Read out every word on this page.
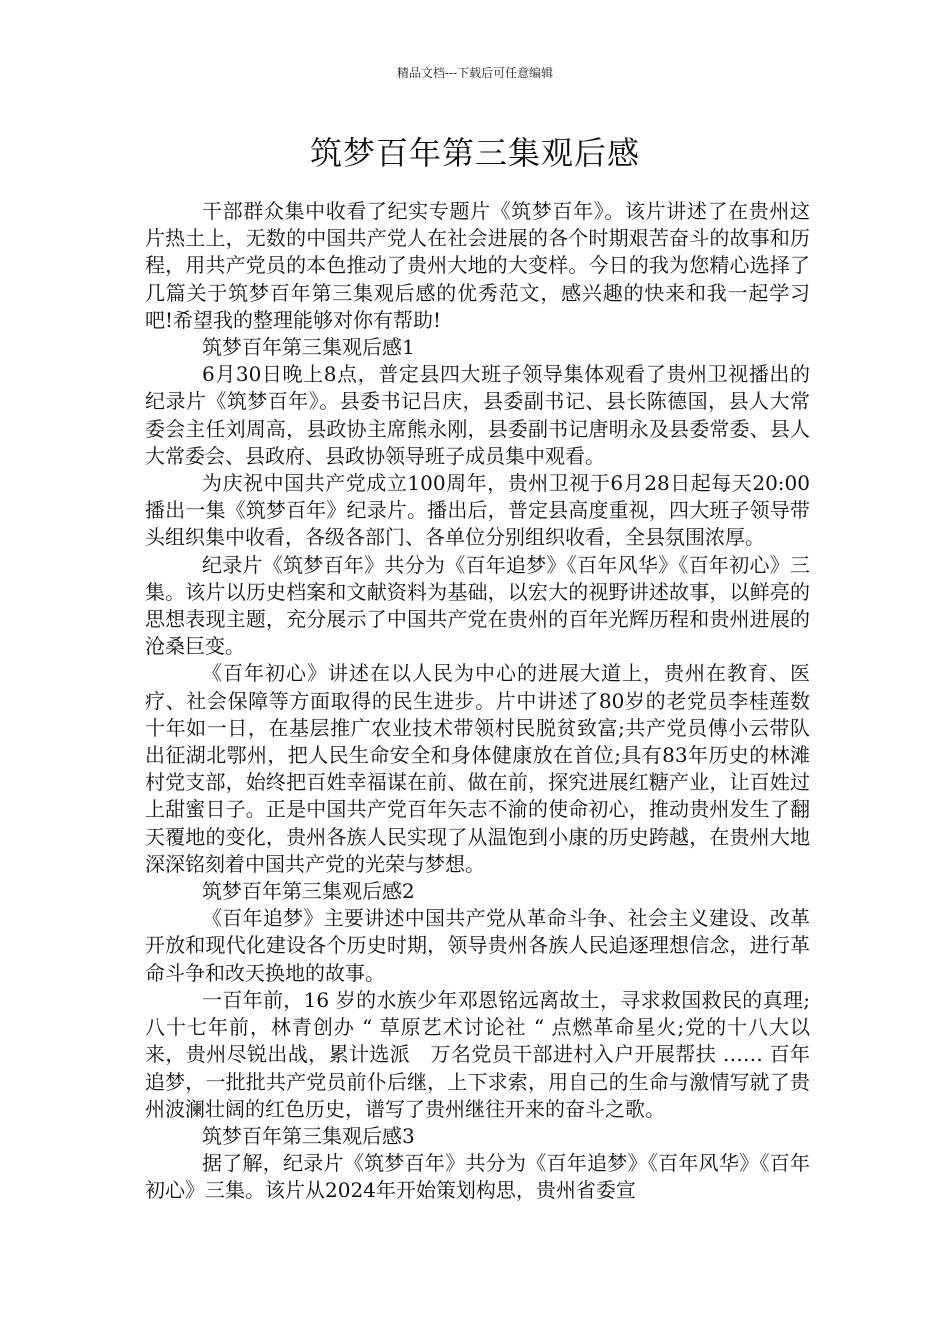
精品文档---下载后可任意编辑
筑梦百年第三集观后感

干部群众集中收看了纪实专题片《筑梦百年》。该片讲述了在贵州这片热土上，无数的中国共产党人在社会进展的各个时期艰苦奋斗的故事和历程，用共产党员的本色推动了贵州大地的大变样。今日的我为您精心选择了几篇关于筑梦百年第三集观后感的优秀范文，感兴趣的快来和我一起学习吧!希望我的整理能够对你有帮助!

筑梦百年第三集观后感1

6月30日晚上8点，普定县四大班子领导集体观看了贵州卫视播出的纪录片《筑梦百年》。县委书记吕庆，县委副书记、县长陈德国，县人大常委会主任刘周高，县政协主席熊永刚，县委副书记唐明永及县委常委、县人大常委会、县政府、县政协领导班子成员集中观看。

为庆祝中国共产党成立100周年，贵州卫视于6月28日起每天20:00播出一集《筑梦百年》纪录片。播出后，普定县高度重视，四大班子领导带头组织集中收看，各级各部门、各单位分别组织收看，全县氛围浓厚。

纪录片《筑梦百年》共分为《百年追梦》《百年风华》《百年初心》三集。该片以历史档案和文献资料为基础，以宏大的视野讲述故事，以鲜亮的思想表现主题，充分展示了中国共产党在贵州的百年光辉历程和贵州进展的沧桑巨变。

《百年初心》讲述在以人民为中心的进展大道上，贵州在教育、医疗、社会保障等方面取得的民生进步。片中讲述了80岁的老党员李桂莲数十年如一日，在基层推广农业技术带领村民脱贫致富;共产党员傅小云带队出征湖北鄂州，把人民生命安全和身体健康放在首位;具有83年历史的林滩村党支部，始终把百姓幸福谋在前、做在前，探究进展红糖产业，让百姓过上甜蜜日子。正是中国共产党百年矢志不渝的使命初心，推动贵州发生了翻天覆地的变化，贵州各族人民实现了从温饱到小康的历史跨越，在贵州大地深深铭刻着中国共产党的光荣与梦想。

筑梦百年第三集观后感2

《百年追梦》主要讲述中国共产党从革命斗争、社会主义建设、改革开放和现代化建设各个历史时期，领导贵州各族人民追逐理想信念，进行革命斗争和改天换地的故事。

一百年前，16 岁的水族少年邓恩铭远离故土，寻求救国救民的真理;八十七年前，林青创办 “ 草原艺术讨论社 “ 点燃革命星火;党的十八大以来，贵州尽锐出战，累计选派　万名党员干部进村入户开展帮扶 …… 百年追梦，一批批共产党员前仆后继，上下求索，用自己的生命与激情写就了贵州波澜壮阔的红色历史，谱写了贵州继往开来的奋斗之歌。

筑梦百年第三集观后感3

据了解，纪录片《筑梦百年》共分为《百年追梦》《百年风华》《百年初心》三集。该片从2024年开始策划构思，贵州省委宣
